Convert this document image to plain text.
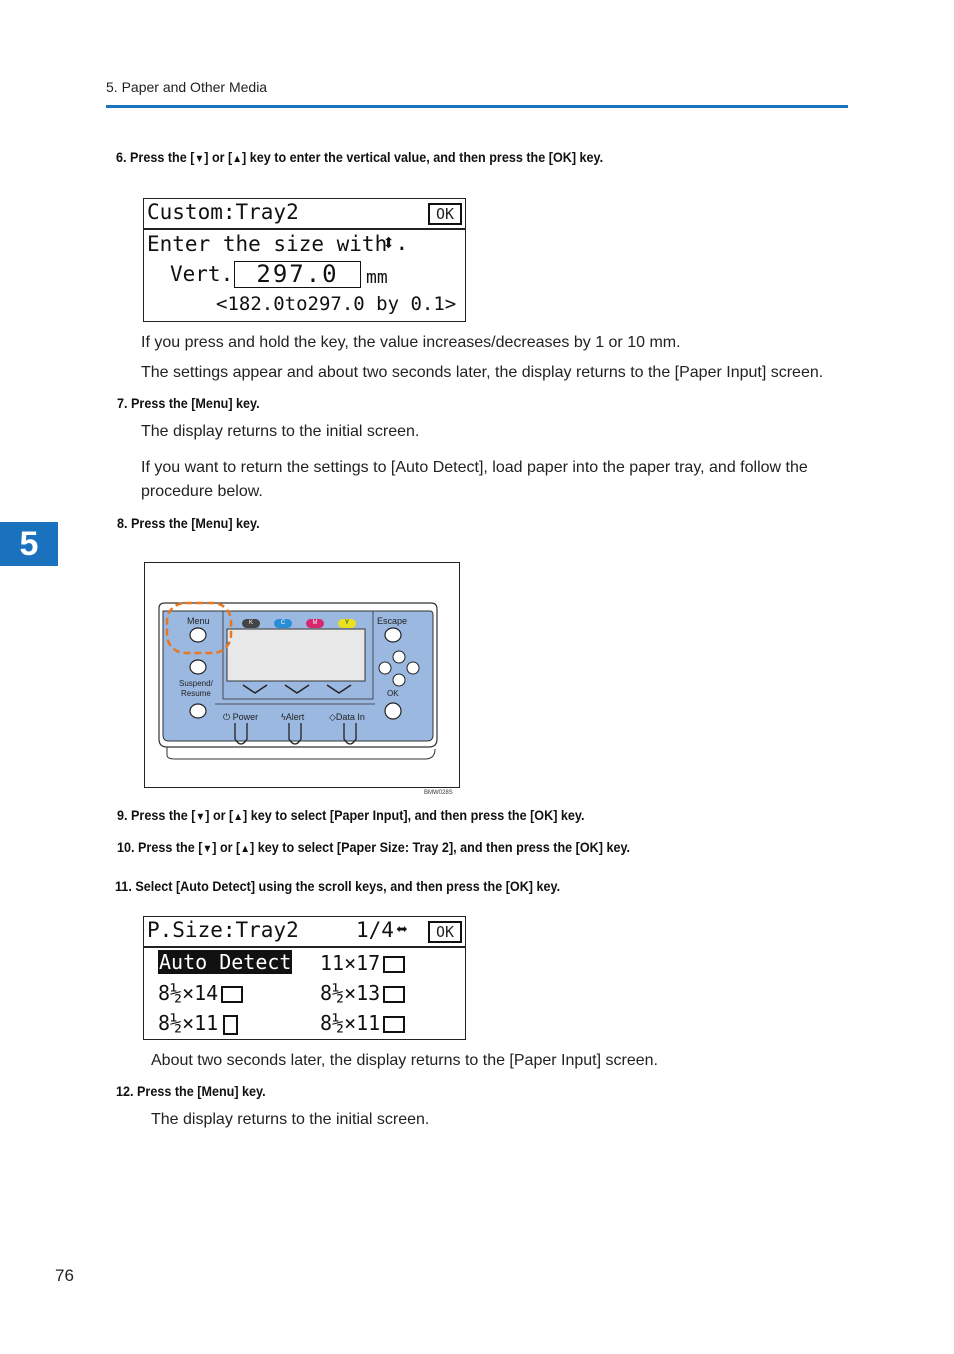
5. Paper and Other Media
5
6. Press the [▼] or [▲] key to enter the vertical value, and then press the [OK] key.
Custom:Tray2	OK
Enter the size with
⬍.
Vert. 297.0	mm
<182.0to297.0 by 0.1>
If you press and hold the key, the value increases/decreases by 1 or 10 mm.
The settings appear and about two seconds later, the display returns to the [Paper Input] screen.
7. Press the [Menu] key.
The display returns to the initial screen.
If you want to return the settings to [Auto Detect], load paper into the paper tray, and follow the procedure below.
8. Press the [Menu] key.
K	C	M	Y
Menu	Escape
Suspend/
Resume	OK
⏻ Power	ϟAlert	◇Data In
BMW028S
9. Press the [▼] or [▲] key to select [Paper Input], and then press the [OK] key.
10. Press the [▼] or [▲] key to select [Paper Size: Tray 2], and then press the [OK] key.
11. Select [Auto Detect] using the scroll keys, and then press the [OK] key.
P.Size:Tray2	1/4
⬍	OK
Auto Detect 11×17
8½×14	8½×13
8½×11	8½×11
About two seconds later, the display returns to the [Paper Input] screen.
12. Press the [Menu] key.
The display returns to the initial screen.
76
